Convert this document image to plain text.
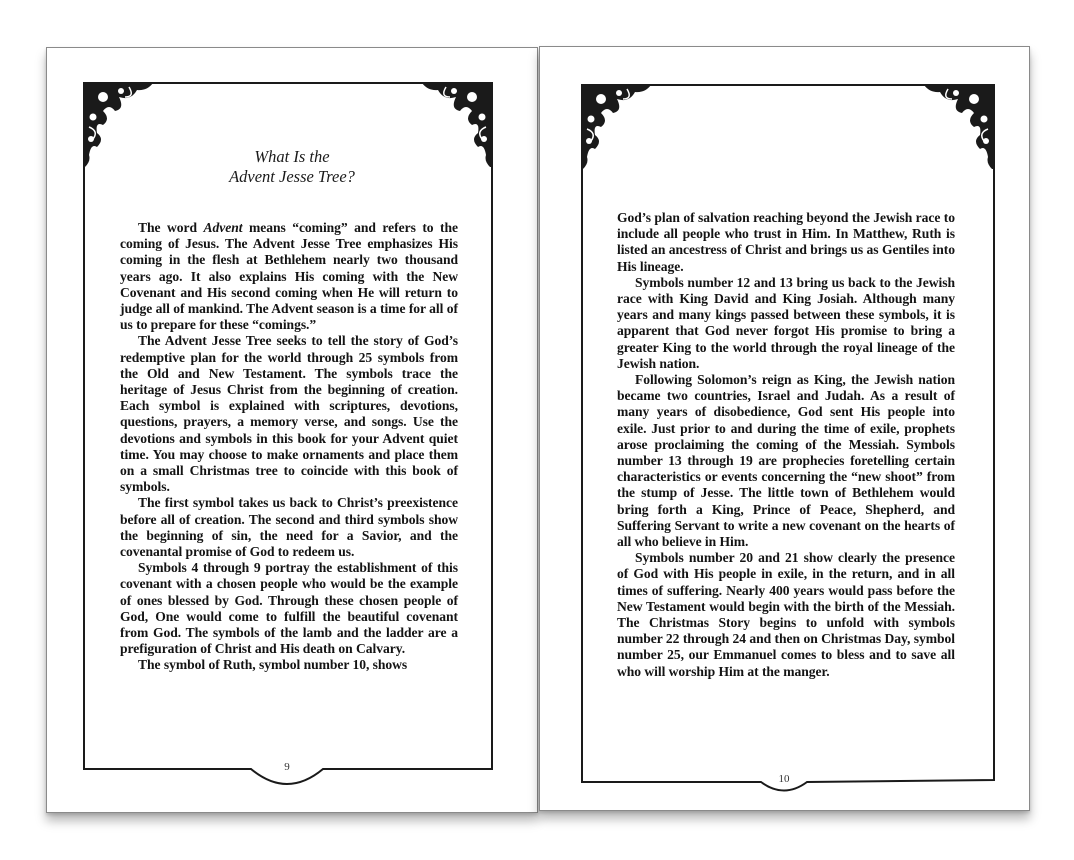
What Is the
Advent Jesse Tree?

The word Advent means “coming” and refers to the coming of Jesus. The Advent Jesse Tree emphasizes His coming in the flesh at Bethlehem nearly two thousand years ago. It also explains His coming with the New Covenant and His second coming when He will return to judge all of mankind. The Advent season is a time for all of us to prepare for these “comings.”

The Advent Jesse Tree seeks to tell the story of God’s redemptive plan for the world through 25 symbols from the Old and New Testament. The symbols trace the heritage of Jesus Christ from the beginning of creation. Each symbol is explained with scriptures, devotions, questions, prayers, a memory verse, and songs. Use the devotions and symbols in this book for your Advent quiet time. You may choose to make ornaments and place them on a small Christmas tree to coincide with this book of symbols.

The first symbol takes us back to Christ’s preexistence before all of creation. The second and third symbols show the beginning of sin, the need for a Savior, and the covenantal promise of God to redeem us.

Symbols 4 through 9 portray the establishment of this covenant with a chosen people who would be the example of ones blessed by God. Through these chosen people of God, One would come to fulfill the beautiful covenant from God. The symbols of the lamb and the ladder are a prefiguration of Christ and His death on Calvary.

The symbol of Ruth, symbol number 10, shows

9

God’s plan of salvation reaching beyond the Jewish race to include all people who trust in Him. In Matthew, Ruth is listed an ancestress of Christ and brings us as Gentiles into His lineage.

Symbols number 12 and 13 bring us back to the Jewish race with King David and King Josiah. Although many years and many kings passed between these symbols, it is apparent that God never forgot His promise to bring a greater King to the world through the royal lineage of the Jewish nation.

Following Solomon’s reign as King, the Jewish nation became two countries, Israel and Judah. As a result of many years of disobedience, God sent His people into exile. Just prior to and during the time of exile, prophets arose proclaiming the coming of the Messiah. Symbols number 13 through 19 are prophecies foretelling certain characteristics or events concerning the “new shoot” from the stump of Jesse. The little town of Bethlehem would bring forth a King, Prince of Peace, Shepherd, and Suffering Servant to write a new covenant on the hearts of all who believe in Him.

Symbols number 20 and 21 show clearly the presence of God with His people in exile, in the return, and in all times of suffering. Nearly 400 years would pass before the New Testament would begin with the birth of the Messiah. The Christmas Story begins to unfold with symbols number 22 through 24 and then on Christmas Day, symbol number 25, our Emmanuel comes to bless and to save all who will worship Him at the manger.

10
